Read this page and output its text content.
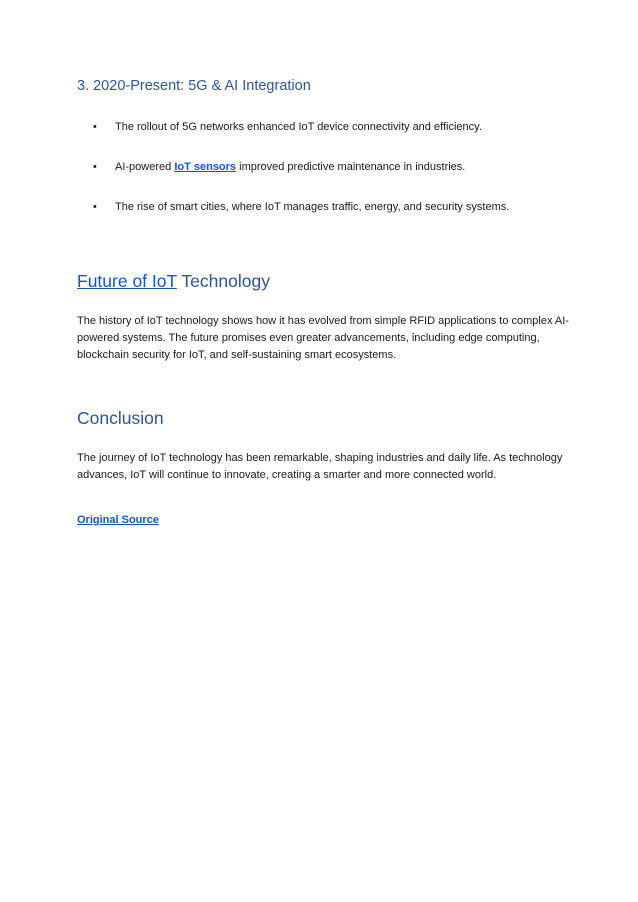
3. 2020-Present: 5G & AI Integration
• The rollout of 5G networks enhanced IoT device connectivity and efficiency.
• AI-powered IoT sensors improved predictive maintenance in industries.
• The rise of smart cities, where IoT manages traffic, energy, and security systems.
Future of IoT Technology

The history of IoT technology shows how it has evolved from simple RFID applications to complex AI-

powered systems. The future promises even greater advancements, including edge computing,

blockchain security for IoT, and self-sustaining smart ecosystems.

Conclusion

The journey of IoT technology has been remarkable, shaping industries and daily life. As technology

advances, IoT will continue to innovate, creating a smarter and more connected world.

Original Source
